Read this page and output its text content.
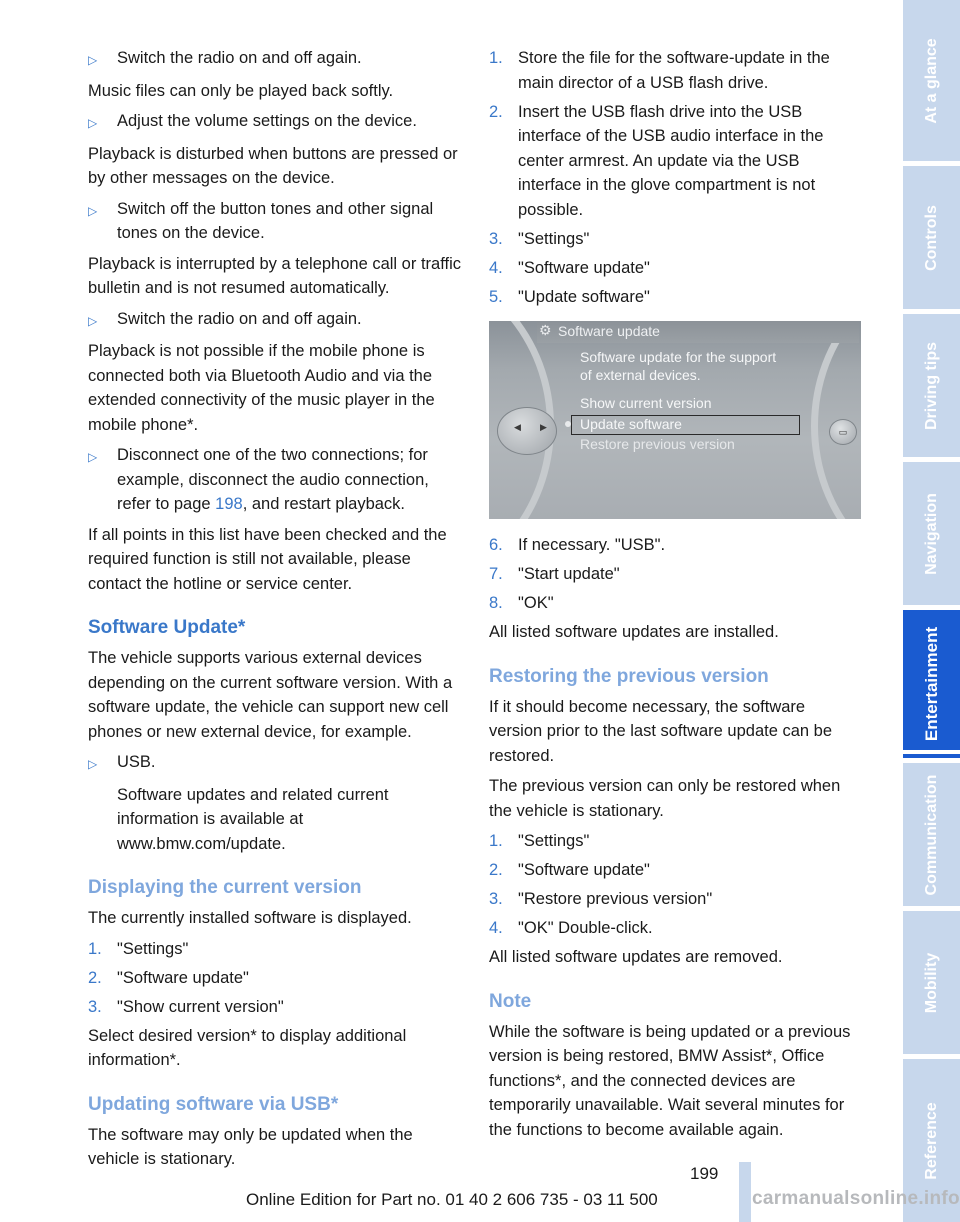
▷	Switch the radio on and off again.

Music files can only be played back softly.

▷	Adjust the volume settings on the device.

Playback is disturbed when buttons are pressed or by other messages on the device.

▷	Switch off the button tones and other signal tones on the device.

Playback is interrupted by a telephone call or traffic bulletin and is not resumed automatically.

▷	Switch the radio on and off again.

Playback is not possible if the mobile phone is connected both via Bluetooth Audio and via the extended connectivity of the music player in the mobile phone*.

▷	Disconnect one of the two connections; for example, disconnect the audio connection, refer to page 198, and restart playback.

If all points in this list have been checked and the required function is still not available, please contact the hotline or service center.

Software Update*

The vehicle supports various external devices depending on the current software version. With a software update, the vehicle can support new cell phones or new external device, for example.

▷	USB.

Software updates and related current information is available at www.bmw.com/update.

Displaying the current version

The currently installed software is displayed.

1. "Settings"
2. "Software update"
3. "Show current version"

Select desired version* to display additional information*.

Updating software via USB*

The software may only be updated when the vehicle is stationary.

1. Store the file for the software-update in the main director of a USB flash drive.
2. Insert the USB flash drive into the USB interface of the USB audio interface in the center armrest. An update via the USB interface in the glove compartment is not possible.
3. "Settings"
4. "Software update"
5. "Update software"
⚙ Software update
Software update for the support
of external devices.
Show current version
Update software
Restore previous version
◀ ▶	▭
6. If necessary. "USB".
7. "Start update"
8. "OK"

All listed software updates are installed.

Restoring the previous version

If it should become necessary, the software version prior to the last software update can be restored.

The previous version can only be restored when the vehicle is stationary.

1. "Settings"
2. "Software update"
3. "Restore previous version"
4. "OK" Double-click.

All listed software updates are removed.

Note

While the software is being updated or a previous version is being restored, BMW Assist*, Office functions*, and the connected devices are temporarily unavailable. Wait several minutes for the functions to become available again.

At a glance
Controls
Driving tips
Navigation
Entertainment
Communication
Mobility
Reference
199
Online Edition for Part no. 01 40 2 606 735 - 03 11 500	carmanualsonline.info
